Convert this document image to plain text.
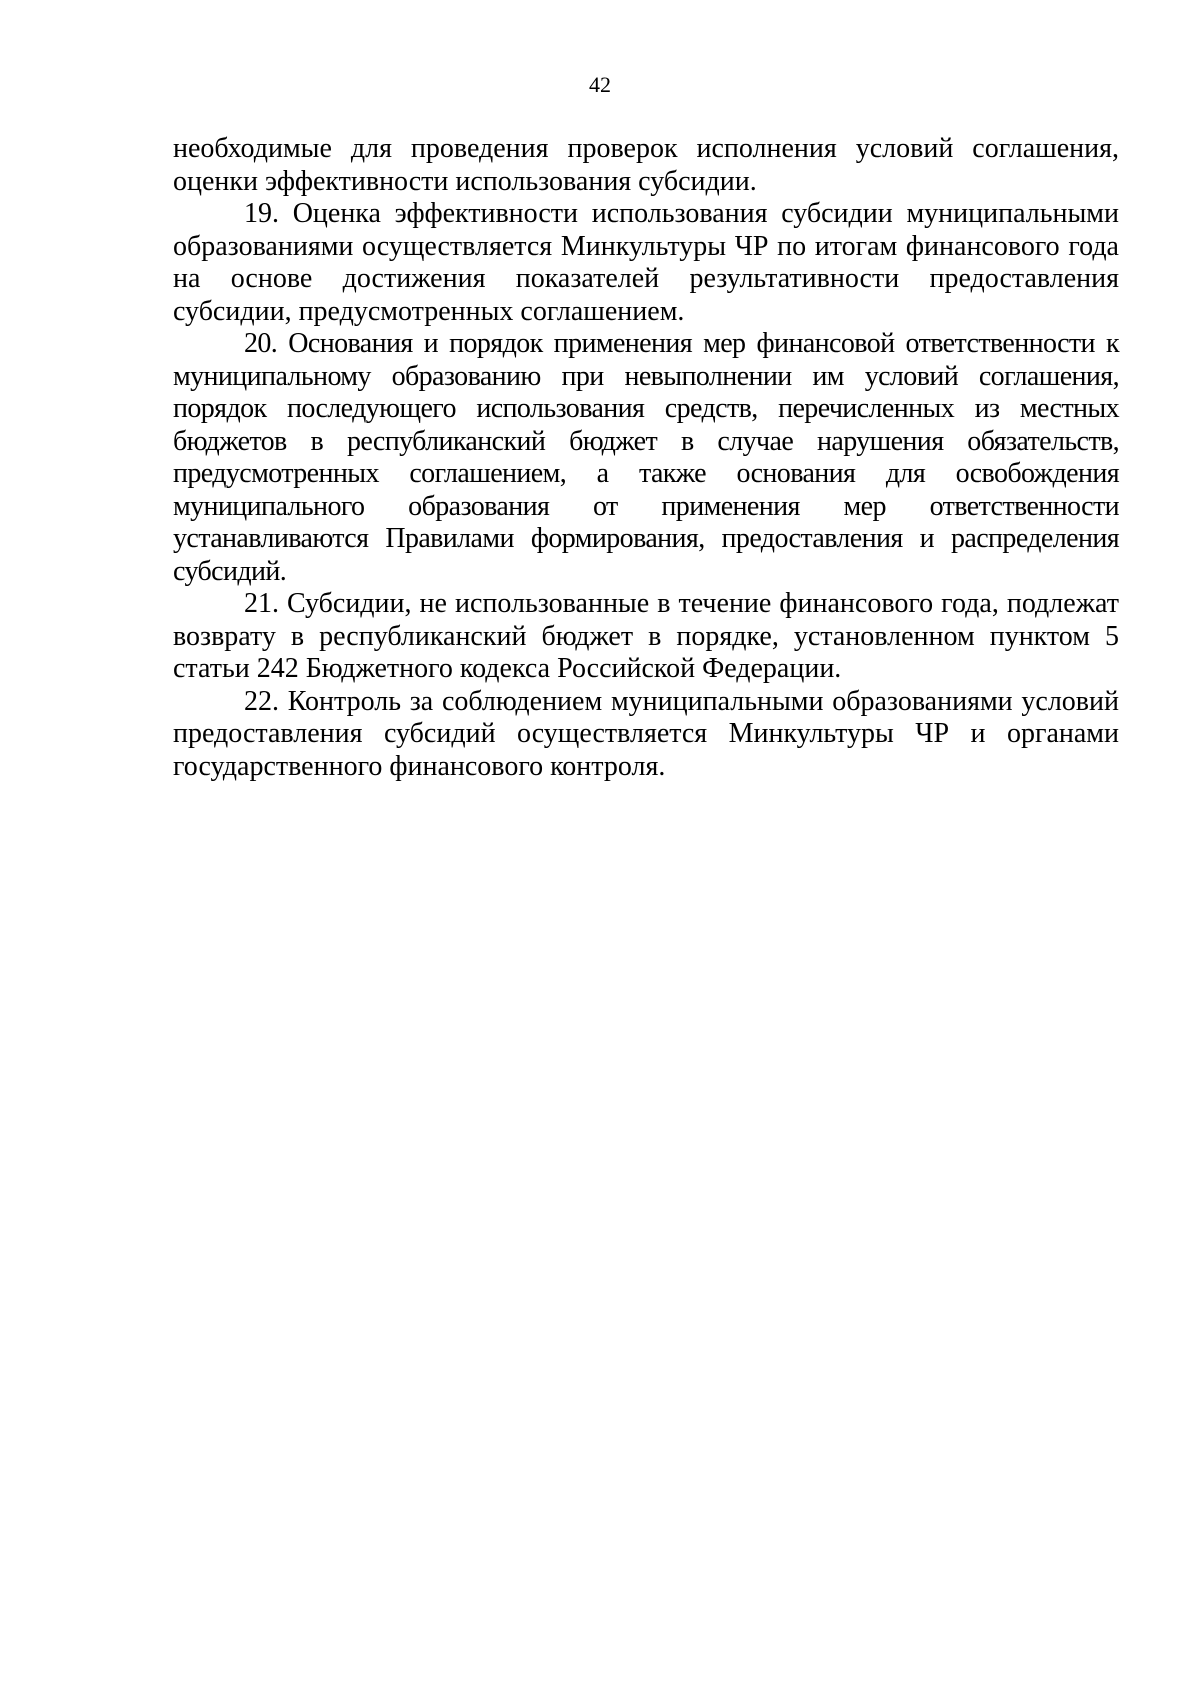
42

необходимые для проведения проверок исполнения условий соглашения, оценки эффективности использования субсидии.

19. Оценка эффективности использования субсидии муниципальными образованиями осуществляется Минкультуры ЧР по итогам финансового года на основе достижения показателей результативности предоставления субсидии, предусмотренных соглашением.

20. Основания и порядок применения мер финансовой ответственности к муниципальному образованию при невыполнении им условий соглашения, порядок последующего использования средств, перечисленных из местных бюджетов в республиканский бюджет в случае нарушения обязательств, предусмотренных соглашением, а также основания для освобождения муниципального образования от применения мер ответственности устанавливаются Правилами формирования, предоставления и распределения субсидий.

21. Субсидии, не использованные в течение финансового года, подлежат возврату в республиканский бюджет в порядке, установленном пунктом 5 статьи 242 Бюджетного кодекса Российской Федерации.

22. Контроль за соблюдением муниципальными образованиями условий предоставления субсидий осуществляется Минкультуры ЧР и органами государственного финансового контроля.
